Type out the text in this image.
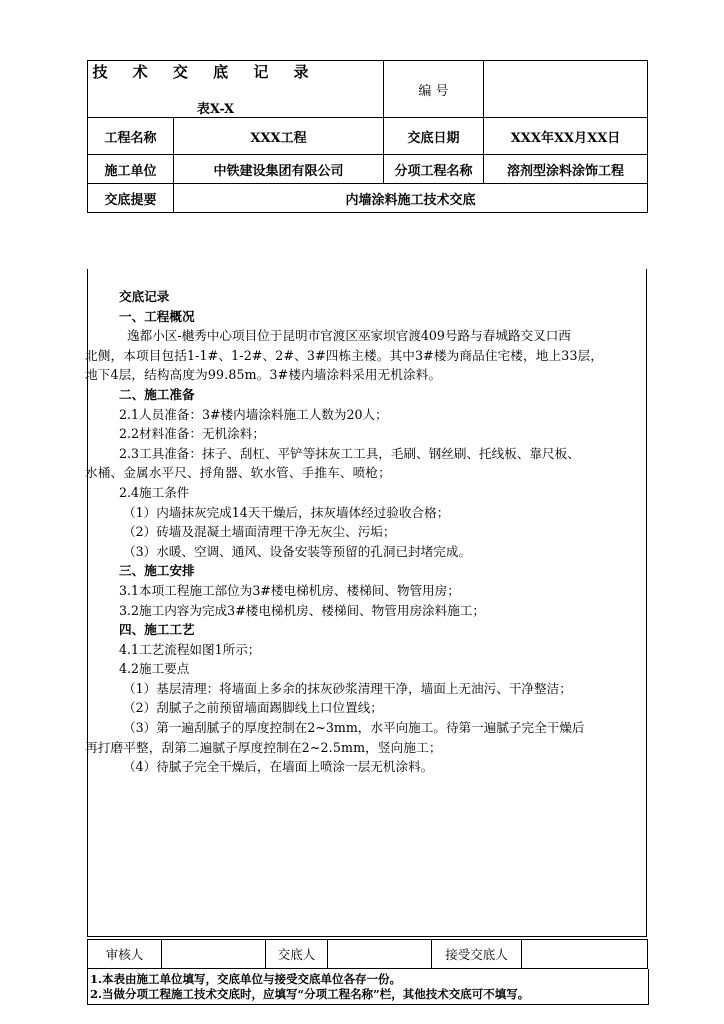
技 术 交 底 记 录
表X-X		编 号	
工程名称	XXX工程	交底日期	XXX年XX月XX日
施工单位	中铁建设集团有限公司	分项工程名称	溶剂型涂料涂饰工程
交底提要	内墙涂料施工技术交底		
交底记录
一、工程概况
逸都小区-樾秀中心项目位于昆明市官渡区巫家坝官渡409号路与春城路交叉口西
北侧，本项目包括1-1#、1-2#、2#、3#四栋主楼。其中3#楼为商品住宅楼，地上33层，
地下4层，结构高度为99.85m。3#楼内墙涂料采用无机涂料。
二、施工准备
2.1人员准备：3#楼内墙涂料施工人数为20人；
2.2材料准备：无机涂料；
2.3工具准备：抹子、刮杠、平铲等抹灰工工具，毛刷、钢丝刷、托线板、靠尺板、
水桶、金属水平尺、捋角器、软水管、手推车、喷枪；
2.4施工条件
（1）内墙抹灰完成14天干燥后，抹灰墙体经过验收合格；
（2）砖墙及混凝土墙面清理干净无灰尘、污垢；
（3）水暖、空调、通风、设备安装等预留的孔洞已封堵完成。
三、施工安排
3.1本项工程施工部位为3#楼电梯机房、楼梯间、物管用房；
3.2施工内容为完成3#楼电梯机房、楼梯间、物管用房涂料施工；
四、施工工艺
4.1工艺流程如图1所示；
4.2施工要点
（1）基层清理：将墙面上多余的抹灰砂浆清理干净，墙面上无油污、干净整洁；
（2）刮腻子之前预留墙面踢脚线上口位置线；
（3）第一遍刮腻子的厚度控制在2~3mm，水平向施工。待第一遍腻子完全干燥后
再打磨平整，刮第二遍腻子厚度控制在2~2.5mm，竖向施工；
（4）待腻子完全干燥后，在墙面上喷涂一层无机涂料。
审核人		交底人		接受交底人	
1.本表由施工单位填写，交底单位与接受交底单位各存一份。
2.当做分项工程施工技术交底时，应填写“分项工程名称”栏，其他技术交底可不填写。
